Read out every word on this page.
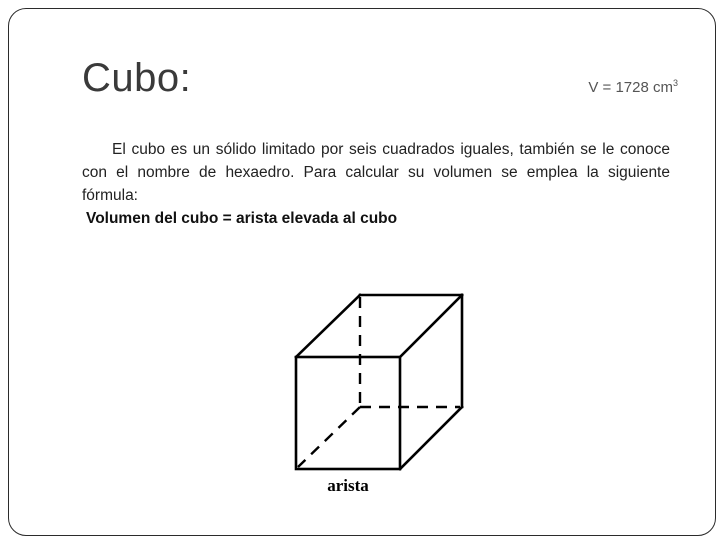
Cubo:	V = 1728 $cm^3$

El cubo es un sólido limitado por seis cuadrados iguales, también se le conoce con el nombre de hexaedro. Para calcular su volumen se emplea la siguiente fórmula:

Volumen del cubo = arista elevada al cubo
arista
